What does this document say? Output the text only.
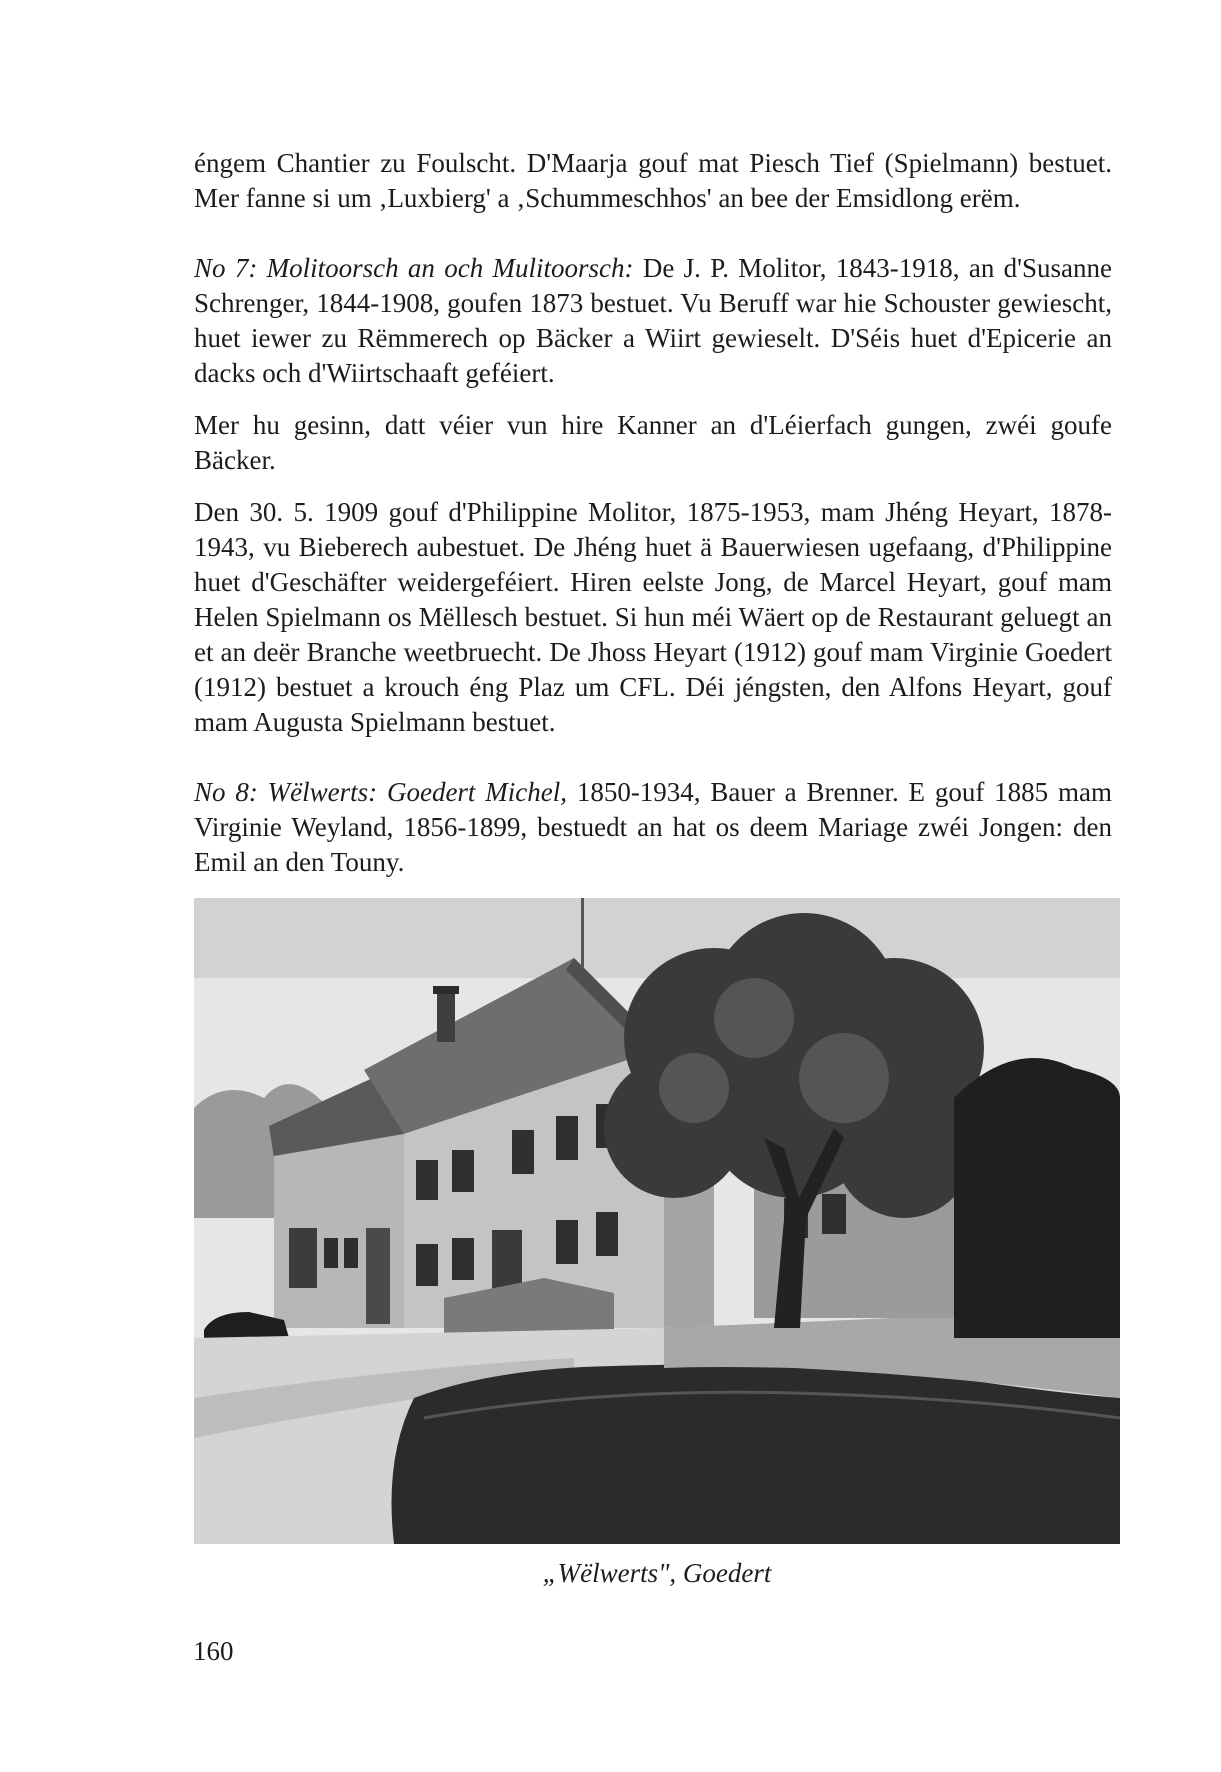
éngem Chantier zu Foulscht. D'Maarja gouf mat Piesch Tief (Spielmann) bestuet. Mer fanne si um ‚Luxbierg' a ‚Schummeschhos' an bee der Emsidlong erëm.

No 7: Molitoorsch an och Mulitoorsch: De J. P. Molitor, 1843-1918, an d'Susanne Schrenger, 1844-1908, goufen 1873 bestuet. Vu Beruff war hie Schouster gewiescht, huet iewer zu Rëmmerech op Bäcker a Wiirt gewieselt. D'Séis huet d'Epicerie an dacks och d'Wiirtschaaft geféiert.

Mer hu gesinn, datt véier vun hire Kanner an d'Léierfach gungen, zwéi goufe Bäcker.

Den 30. 5. 1909 gouf d'Philippine Molitor, 1875-1953, mam Jhéng Heyart, 1878-1943, vu Bieberech aubestuet. De Jhéng huet ä Bauerwiesen ugefaang, d'Philippine huet d'Geschäfter weidergeféiert. Hiren eelste Jong, de Marcel Heyart, gouf mam Helen Spielmann os Mëllesch bestuet. Si hun méi Wäert op de Restaurant geluegt an et an deër Branche weetbruecht. De Jhoss Heyart (1912) gouf mam Virginie Goedert (1912) bestuet a krouch éng Plaz um CFL. Déi jéngsten, den Alfons Heyart, gouf mam Augusta Spielmann bestuet.

No 8: Wëlwerts: Goedert Michel, 1850-1934, Bauer a Brenner. E gouf 1885 mam Virginie Weyland, 1856-1899, bestuedt an hat os deem Mariage zwéi Jongen: den Emil an den Touny.

„Wëlwerts", Goedert
160
